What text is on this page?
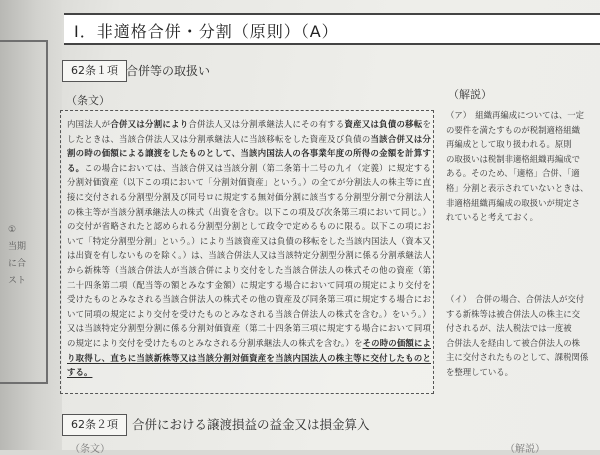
①
当期
に合
スト
Ⅰ．非適格合併・分割（原則）（A）
62条１項 合併等の取扱い
（条文）	（解説）
内国法人が合併又は分割により合併法人又は分割承継法人にその有する資産又は負債の移転をしたときは、当該合併法人又は分割承継法人に当該移転をした資産及び負債の当該合併又は分割の時の価額による譲渡をしたものとして、当該内国法人の各事業年度の所得の金額を計算する。この場合においては、当該合併又は当該分割（第二条第十二号の九イ（定義）に規定する分割対価資産（以下この項において「分割対価資産」という。）の全てが分割法人の株主等に直接に交付される分割型分割及び同号ロに規定する無対価分割に該当する分割型分割で分割法人の株主等が当該分割承継法人の株式（出資を含む。以下この項及び次条第三項において同じ。）の交付が省略されたと認められる分割型分割として政令で定めるものに限る。以下この項において「特定分割型分割」という。）により当該資産又は負債の移転をした当該内国法人（資本又は出資を有しないものを除く。）は、当該合併法人又は当該特定分割型分割に係る分割承継法人から新株等（当該合併法人が当該合併により交付をした当該合併法人の株式その他の資産（第二十四条第二項（配当等の額とみなす金額）に規定する場合において同項の規定により交付を受けたものとみなされる当該合併法人の株式その他の資産及び同条第三項に規定する場合において同項の規定により交付を受けたものとみなされる当該合併法人の株式を含む。）をいう。）又は当該特定分割型分割に係る分割対価資産（第二十四条第三項に規定する場合において同項の規定により交付を受けたものとみなされる分割承継法人の株式を含む。）をその時の価額により取得し、直ちに当該新株等又は当該分割対価資産を当該内国法人の株主等に交付したものとする。
（ア）　組織再編成については、一定
の要件を満たすものが税制適格組織
再編成として取り扱われる。原則
の取扱いは税制非適格組織再編成で
ある。そのため、「適格」合併、「適
格」分割と表示されていないときは、
非適格組織再編成の取扱いが規定さ
れていると考えておく。
（イ）　合併の場合、合併法人が交付
する新株等は被合併法人の株主に交
付されるが、法人税法では一度被
合併法人を経由して被合併法人の株
主に交付されたものとして、課税関係
を整理している。
62条２項	合併における譲渡損益の益金又は損金算入
（条文）	（解説）
